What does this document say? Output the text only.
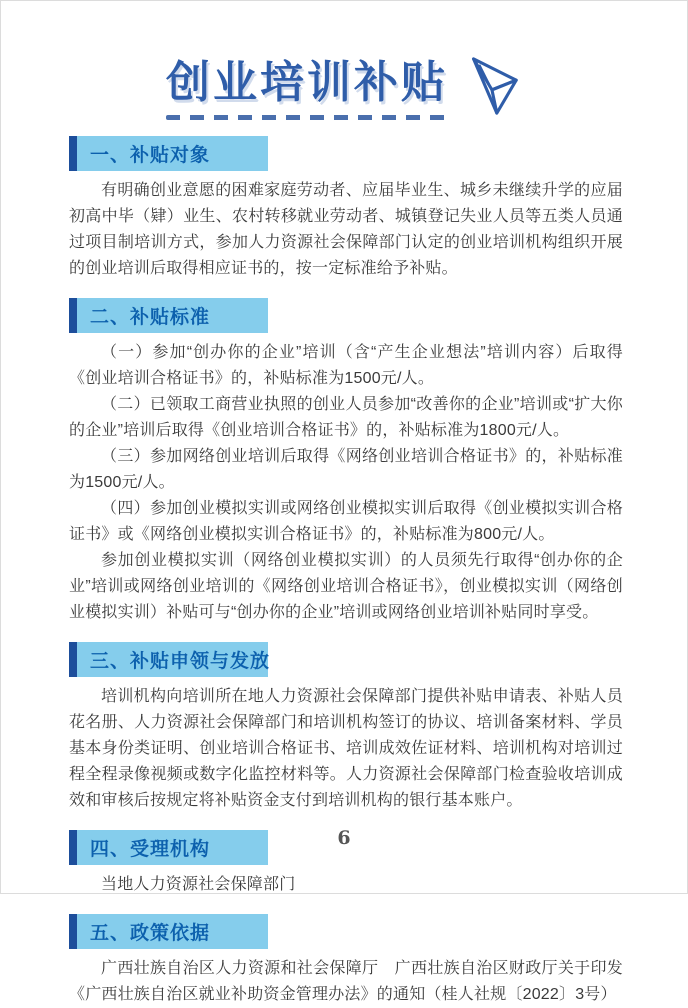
创业培训补贴
一、补贴对象

有明确创业意愿的困难家庭劳动者、应届毕业生、城乡未继续升学的应届初高中毕（肄）业生、农村转移就业劳动者、城镇登记失业人员等五类人员通过项目制培训方式，参加人力资源社会保障部门认定的创业培训机构组织开展的创业培训后取得相应证书的，按一定标准给予补贴。

二、补贴标准

（一）参加“创办你的企业”培训（含“产生企业想法”培训内容）后取得《创业培训合格证书》的，补贴标准为1500元/人。

（二）已领取工商营业执照的创业人员参加“改善你的企业”培训或“扩大你的企业”培训后取得《创业培训合格证书》的，补贴标准为1800元/人。

（三）参加网络创业培训后取得《网络创业培训合格证书》的，补贴标准为1500元/人。

（四）参加创业模拟实训或网络创业模拟实训后取得《创业模拟实训合格证书》或《网络创业模拟实训合格证书》的，补贴标准为800元/人。

参加创业模拟实训（网络创业模拟实训）的人员须先行取得“创办你的企业”培训或网络创业培训的《网络创业培训合格证书》，创业模拟实训（网络创业模拟实训）补贴可与“创办你的企业”培训或网络创业培训补贴同时享受。

三、补贴申领与发放

培训机构向培训所在地人力资源社会保障部门提供补贴申请表、补贴人员花名册、人力资源社会保障部门和培训机构签订的协议、培训备案材料、学员基本身份类证明、创业培训合格证书、培训成效佐证材料、培训机构对培训过程全程录像视频或数字化监控材料等。人力资源社会保障部门检查验收培训成效和审核后按规定将补贴资金支付到培训机构的银行基本账户。

四、受理机构

当地人力资源社会保障部门

五、政策依据

广西壮族自治区人力资源和社会保障厅　广西壮族自治区财政厅关于印发《广西壮族自治区就业补助资金管理办法》的通知（桂人社规〔2022〕3号）

6
